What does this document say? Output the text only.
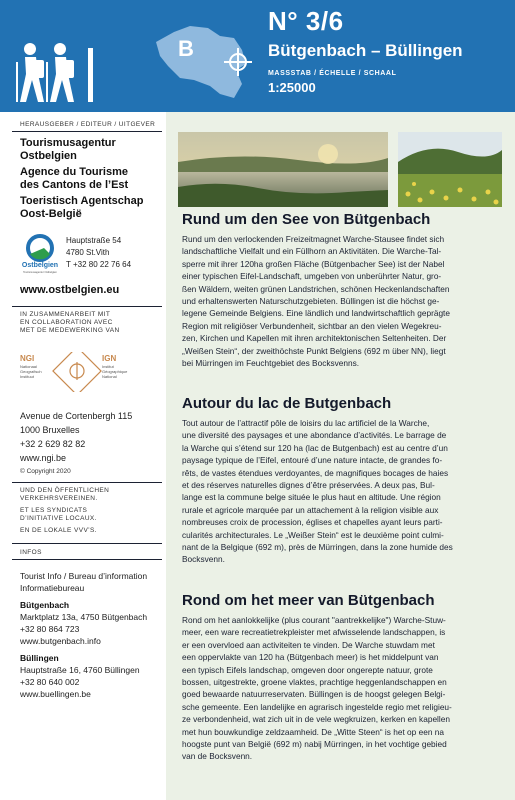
B
N° 3/6
Bütgenbach – Büllingen
MASSSTAB / ÉCHELLE / SCHAAL
1:25000
HERAUSGEBER / EDITEUR / UITGEVER
Tourismusagentur
Ostbelgien
Agence du Tourisme
des Cantons de l’Est
Toeristisch Agentschap
Oost-België
Ostbelgien
Tourismusagentur Ostbelgien
Hauptstraße 54
4780 St.Vith
T +32 80 22 76 64
www.ostbelgien.eu
IN ZUSAMMENARBEIT MIT
EN COLLABORATION AVEC
MET DE MEDEWERKING VAN
NGI
Nationaal
Geografisch
Instituut
IGN
Institut
Géographique
National
Avenue de Cortenbergh 115
1000 Bruxelles
+32 2 629 82 82
www.ngi.be
© Copyright 2020
UND DEN ÖFFENTLICHEN
VERKEHRSVEREINEN.
ET LES SYNDICATS
D’INITIATIVE LOCAUX.
EN DE LOKALE VVV’S.
INFOS
Tourist Info / Bureau d’information
Informatiebureau
Bütgenbach
Marktplatz 13a, 4750 Bütgenbach
+32 80 864 723
www.butgenbach.info
Büllingen
Hauptstraße 16, 4760 Büllingen
+32 80 640 002
www.buellingen.be
Rund um den See von Bütgenbach
Rund um den verlockenden Freizeitmagnet Warche-Stausee findet sich
landschaftliche Vielfalt und ein Füllhorn an Aktivitäten. Die Warche-Tal-
sperre mit ihrer 120ha großen Fläche (Bütgenbacher See) ist der Nabel
einer typischen Eifel-Landschaft, umgeben von unberührter Natur, gro-
ßen Wäldern, weiten grünen Landstrichen, schönen Heckenlandschaften
und erhaltenswerten Naturschutzgebieten. Büllingen ist die höchst ge-
legene Gemeinde Belgiens. Eine ländlich und landwirtschaftlich geprägte
Region mit religiöser Verbundenheit, sichtbar an den vielen Wegekreu-
zen, Kirchen und Kapellen mit ihren architektonischen Seltenheiten. Der
„Weißen Stein“, der zweithöchste Punkt Belgiens (692 m über NN), liegt
bei Mürringen im Feuchtgebiet des Bocksvenns.
Autour du lac de Butgenbach
Tout autour de l’attractif pôle de loisirs du lac artificiel de la Warche,
une diversité des paysages et une abondance d’activités. Le barrage de
la Warche qui s’étend sur 120 ha (lac de Butgenbach) est au centre d’un
paysage typique de l’Eifel, entouré d’une nature intacte, de grandes fo-
rêts, de vastes étendues verdoyantes, de magnifiques bocages de haies
et des réserves naturelles dignes d’être préservées. A deux pas, Bul-
lange est la commune belge située le plus haut en altitude. Une région
rurale et agricole marquée par un attachement à la religion visible aux
nombreuses croix de procession, églises et chapelles ayant leurs parti-
cularités architecturales. Le „Weißer Stein“ est le deuxième point culmi-
nant de la Belgique (692 m), près de Mürringen, dans la zone humide des
Bocksvenn.
Rond om het meer van Bütgenbach
Rond om het aanlokkelijke (plus courant "aantrekkelijke") Warche-Stuw-
meer, een ware recreatietrekpleister met afwisselende landschappen, is
er een overvloed aan activiteiten te vinden. De Warche stuwdam met
een oppervlakte van 120 ha (Bütgenbach meer) is het middelpunt van
een typisch Eifels landschap, omgeven door ongerepte natuur, grote
bossen, uitgestrekte, groene vlaktes, prachtige heggenlandschappen en
goed bewaarde natuurreservaten. Büllingen is de hoogst gelegen Belgi-
sche gemeente. Een landelijke en agrarisch ingestelde regio met religieu-
ze verbondenheid, wat zich uit in de vele wegkruizen, kerken en kapellen
met hun bouwkundige zeldzaamheid. De „Witte Steen“ is het op een na
hoogste punt van België (692 m) nabij Mürringen, in het vochtige gebied
van de Bocksvenn.
